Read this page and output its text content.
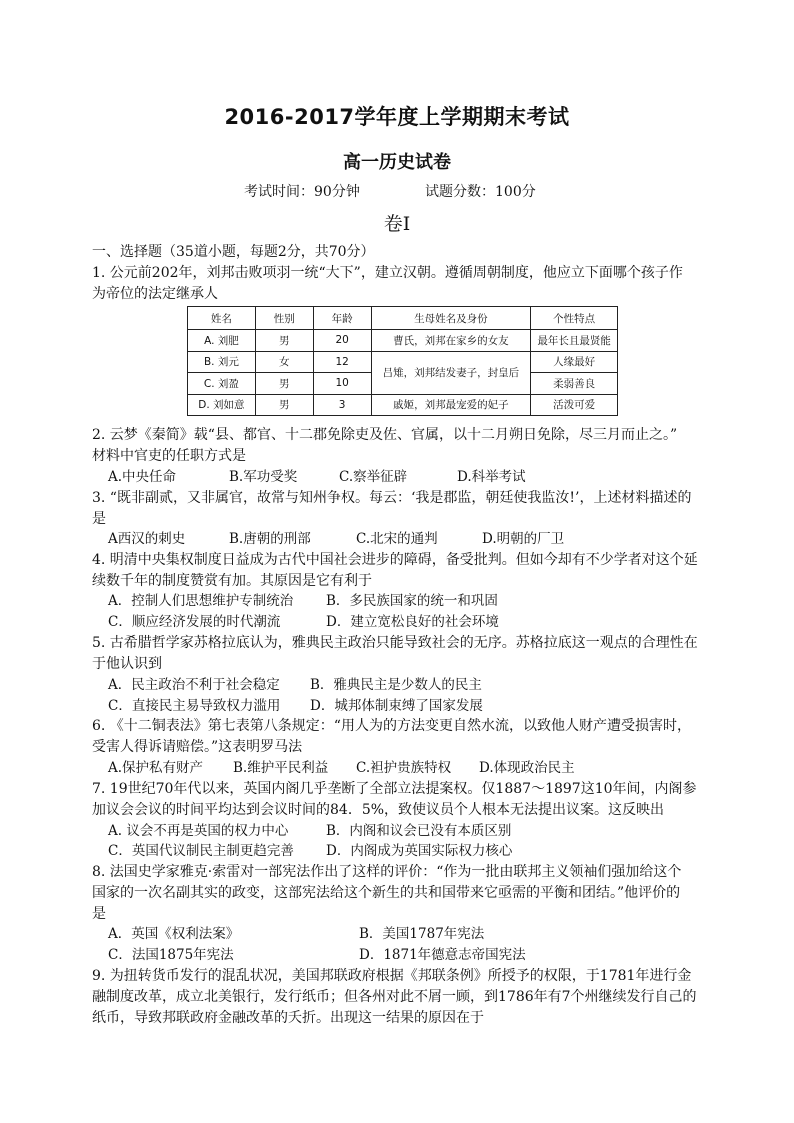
2016-2017学年度上学期期末考试
高一历史试卷
考试时间：90分钟	试题分数：100分
卷Ⅰ
一、选择题（35道小题，每题2分，共70分）
1. 公元前202年，刘邦击败项羽一统“大下”，建立汉朝。遵循周朝制度，他应立下面哪个孩子作
为帝位的法定继承人
姓名	性别	年龄	生母姓名及身份	个性特点
A. 刘肥	男	20	曹氏，刘邦在家乡的女友	最年长且最贤能
B. 刘元	女	12	吕雉，刘邦结发妻子，封皇后	人缘最好
C. 刘盈	男	10		柔弱善良
D. 刘如意	男	3	戚姬，刘邦最宠爱的妃子	活泼可爱
2. 云梦《秦简》载“县、都官、十二郡免除吏及佐、官属，以十二月朔日免除，尽三月而止之。”
材料中官吏的任职方式是
A.中央任命	B.军功受奖	C.察举征辟	D.科举考试
3. “既非副贰，又非属官，故常与知州争权。每云：‘我是郡监，朝廷使我监汝!’，上述材料描述的
是
A西汉的刺史	B.唐朝的刑部	C.北宋的通判	D.明朝的厂卫
4. 明清中央集权制度日益成为古代中国社会进步的障碍，备受批判。但如今却有不少学者对这个延
续数千年的制度赞赏有加。其原因是它有利于
A．控制人们思想维护专制统治 B．多民族国家的统一和巩固
C．顺应经济发展的时代潮流	D．建立宽松良好的社会环境
5. 古希腊哲学家苏格拉底认为，雅典民主政治只能导致社会的无序。苏格拉底这一观点的合理性在
于他认识到
A．民主政治不利于社会稳定 B．雅典民主是少数人的民主
C．直接民主易导致权力滥用 D．城邦体制束缚了国家发展
6. 《十二铜表法》第七表第八条规定：“用人为的方法变更自然水流，以致他人财产遭受损害时，
受害人得诉请赔偿。”这表明罗马法
A.保护私有财产 B.维护平民利益 C.袒护贵族特权 D.体现政治民主
7. 19世纪70年代以来，英国内阁几乎垄断了全部立法提案权。仅1887～1897这10年间，内阁参
加议会会议的时间平均达到会议时间的84．5%，致使议员个人根本无法提出议案。这反映出
A. 议会不再是英国的权力中心	B．内阁和议会已没有本质区别
C．英国代议制民主制更趋完善 D．内阁成为英国实际权力核心
8. 法国史学家雅克·索雷对一部宪法作出了这样的评价：“作为一批由联邦主义领袖们强加给这个
国家的一次名副其实的政变，这部宪法给这个新生的共和国带来它亟需的平衡和团结。”他评价的
是
A．英国《权利法案》	B．美国1787年宪法
C．法国1875年宪法	D．1871年德意志帝国宪法
9. 为扭转货币发行的混乱状况，美国邦联政府根据《邦联条例》所授予的权限，于1781年进行金
融制度改革，成立北美银行，发行纸币；但各州对此不屑一顾，到1786年有7个州继续发行自己的
纸币，导致邦联政府金融改革的夭折。出现这一结果的原因在于
